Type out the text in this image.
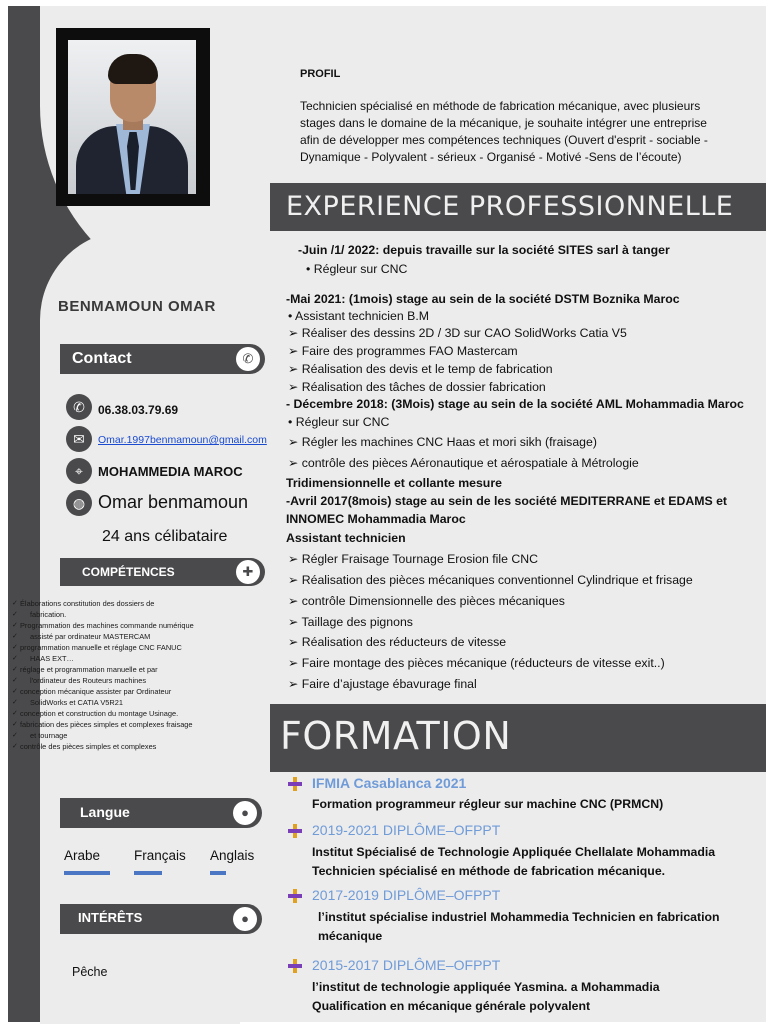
BENMAMOUN OMAR
Contact	✆
✆	06.38.03.79.69
✉	Omar.1997benmamoun@gmail.com
⌖	MOHAMMEDIA MAROC
◍ Omar benmamoun
24 ans célibataire
COMPÉTENCES	✚
✓ Élaborations constitution des dossiers de
✓ fabrication.
✓ Programmation des machines commande numérique
✓ assisté par ordinateur MASTERCAM
✓ programmation manuelle et réglage CNC FANUC
✓ HAAS EXT…
✓ réglage et programmation manuelle et par
✓ l'ordinateur des Routeurs machines
✓ conception mécanique assister par Ordinateur
✓ SolidWorks et CATIA V5R21
✓ conception et construction du montage Usinage.
✓ fabrication des pièces simples et complexes fraisage
✓ et tournage
✓ contrôle des pièces simples et complexes
Langue	●
Arabe	Français Anglais
INTÉRÊTS	●
Pêche
PROFIL
Technicien spécialisé en méthode de fabrication mécanique, avec plusieurs
stages dans le domaine de la mécanique, je souhaite intégrer une entreprise
afin de développer mes compétences techniques (Ouvert d'esprit - sociable -
Dynamique - Polyvalent - sérieux - Organisé - Motivé -Sens de l’écoute)
EXPERIENCE PROFESSIONNELLE
-Juin /1/ 2022: depuis travaille sur la société SITES sarl à tanger
• Régleur sur CNC
-Mai 2021: (1mois) stage au sein de la société DSTM Boznika Maroc
• Assistant technicien B.M
➢ Réaliser des dessins 2D / 3D sur CAO SolidWorks Catia V5
➢ Faire des programmes FAO Mastercam
➢ Réalisation des devis et le temp de fabrication
➢ Réalisation des tâches de dossier fabrication
- Décembre 2018: (3Mois) stage au sein de la société AML Mohammadia Maroc
• Régleur sur CNC
➢ Régler les machines CNC Haas et mori sikh (fraisage)
➢ contrôle des pièces Aéronautique et aérospatiale à Métrologie
Tridimensionnelle et collante mesure
-Avril 2017(8mois) stage au sein de les société MEDITERRANE et EDAMS et
INNOMEC Mohammadia Maroc
Assistant technicien
➢ Régler Fraisage Tournage Erosion file CNC
➢ Réalisation des pièces mécaniques conventionnel Cylindrique et frisage
➢ contrôle Dimensionnelle des pièces mécaniques
➢ Taillage des pignons
➢ Réalisation des réducteurs de vitesse
➢ Faire montage des pièces mécanique (réducteurs de vitesse exit..)
➢ Faire d’ajustage ébavurage final
FORMATION
IFMIA Casablanca 2021
Formation programmeur régleur sur machine CNC (PRMCN)
2019-2021 DIPLÔME–OFPPT
Institut Spécialisé de Technologie Appliquée Chellalate Mohammadia
Technicien spécialisé en méthode de fabrication mécanique.
2017-2019 DIPLÔME–OFPPT
l’institut spécialise industriel Mohammedia Technicien en fabrication
mécanique
2015-2017 DIPLÔME–OFPPT
l’institut de technologie appliquée Yasmina. a Mohammadia
Qualification en mécanique générale polyvalent
